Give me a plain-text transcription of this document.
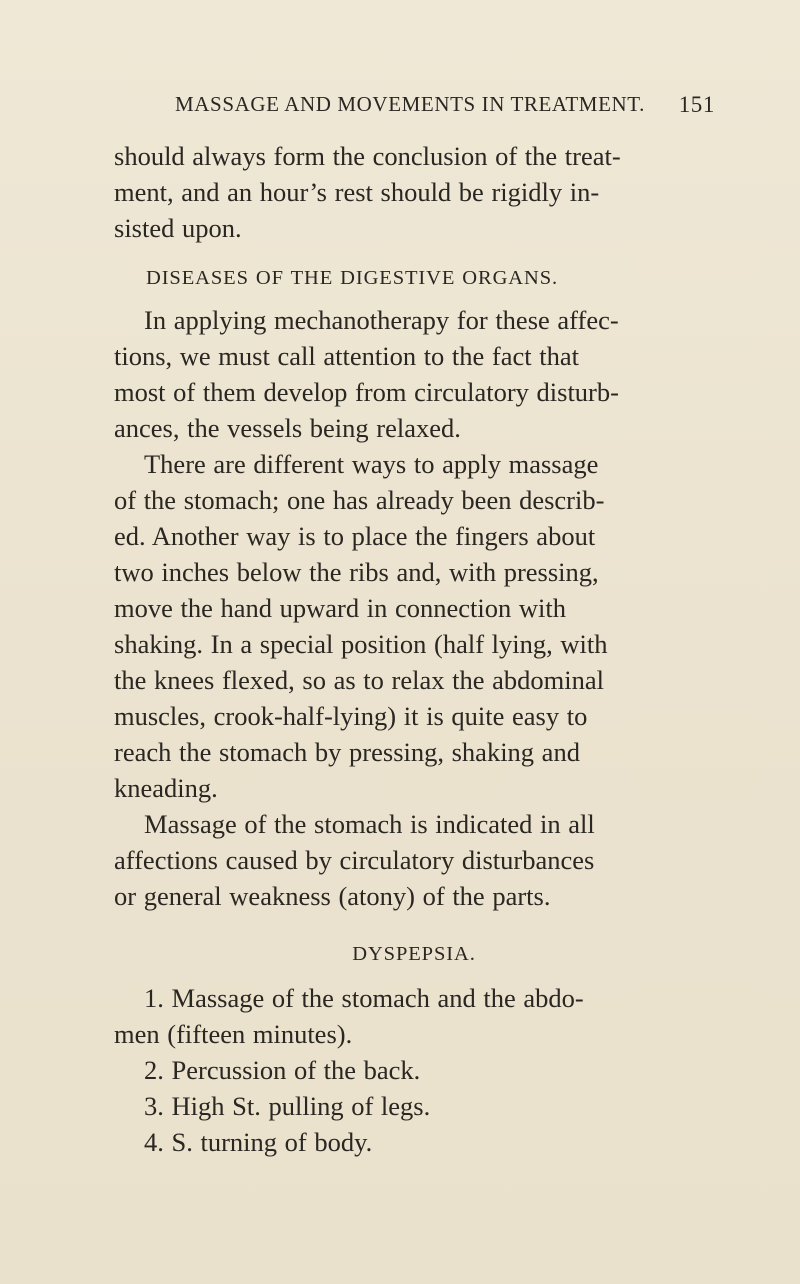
MASSAGE AND MOVEMENTS IN TREATMENT. 151
should always form the conclusion of the treat-
ment, and an hour’s rest should be rigidly in-
sisted upon.
DISEASES OF THE DIGESTIVE ORGANS.
In applying mechanotherapy for these affec-
tions, we must call attention to the fact that
most of them develop from circulatory disturb-
ances, the vessels being relaxed.
There are different ways to apply massage
of the stomach; one has already been describ-
ed. Another way is to place the fingers about
two inches below the ribs and, with pressing,
move the hand upward in connection with
shaking. In a special position (half lying, with
the knees flexed, so as to relax the abdominal
muscles, crook-half-lying) it is quite easy to
reach the stomach by pressing, shaking and
kneading.
Massage of the stomach is indicated in all
affections caused by circulatory disturbances
or general weakness (atony) of the parts.
DYSPEPSIA.
1. Massage of the stomach and the abdo-
men (fifteen minutes).
2. Percussion of the back.
3. High St. pulling of legs.
4. S. turning of body.
